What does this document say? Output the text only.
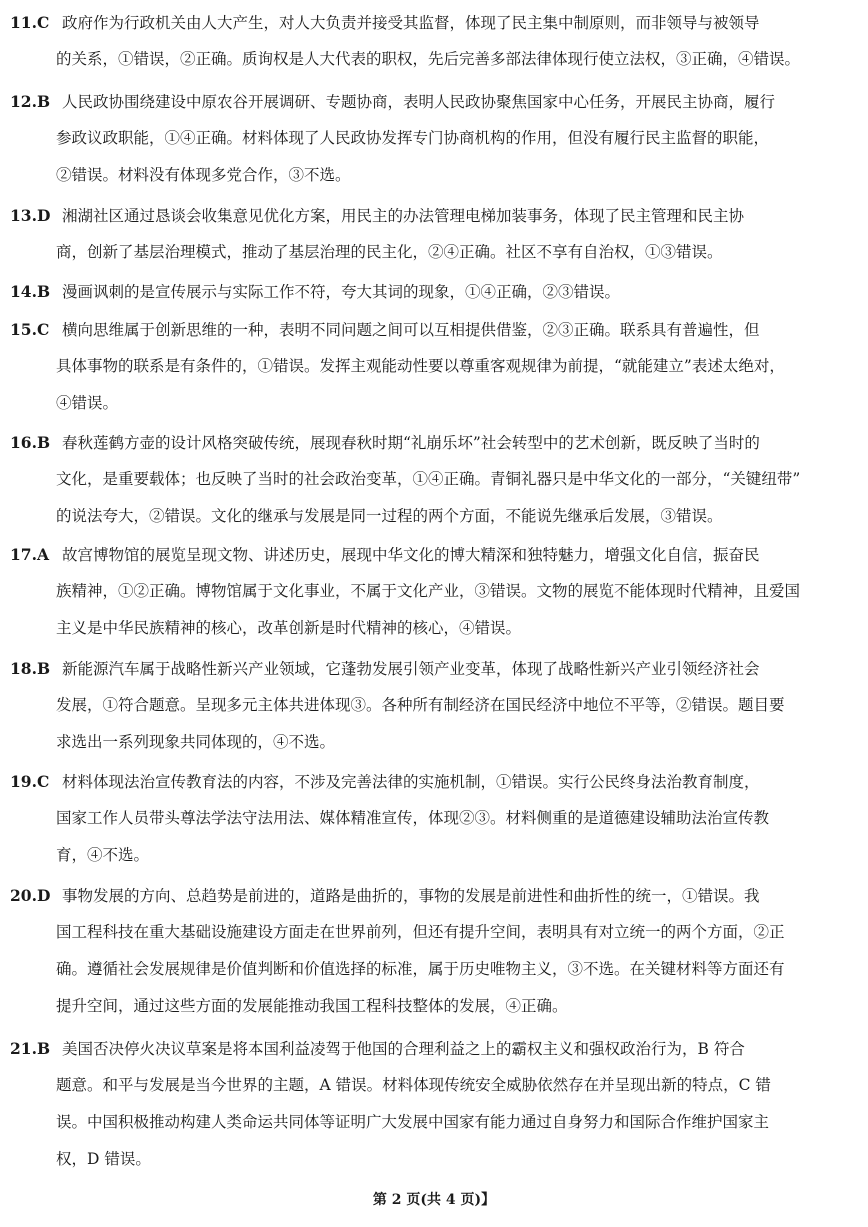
11.C 政府作为行政机关由人大产生，对人大负责并接受其监督，体现了民主集中制原则，而非领导与被领导
的关系，①错误，②正确。质询权是人大代表的职权，先后完善多部法律体现行使立法权，③正确，④错误。
12.B 人民政协围绕建设中原农谷开展调研、专题协商，表明人民政协聚焦国家中心任务，开展民主协商，履行
参政议政职能，①④正确。材料体现了人民政协发挥专门协商机构的作用，但没有履行民主监督的职能，
②错误。材料没有体现多党合作，③不选。
13.D 湘湖社区通过恳谈会收集意见优化方案，用民主的办法管理电梯加装事务，体现了民主管理和民主协
商，创新了基层治理模式，推动了基层治理的民主化，②④正确。社区不享有自治权，①③错误。
14.B 漫画讽刺的是宣传展示与实际工作不符，夸大其词的现象，①④正确，②③错误。
15.C 横向思维属于创新思维的一种，表明不同问题之间可以互相提供借鉴，②③正确。联系具有普遍性，但
具体事物的联系是有条件的，①错误。发挥主观能动性要以尊重客观规律为前提，“就能建立”表述太绝对，
④错误。
16.B 春秋莲鹤方壶的设计风格突破传统，展现春秋时期“礼崩乐坏”社会转型中的艺术创新，既反映了当时的
文化，是重要载体；也反映了当时的社会政治变革，①④正确。青铜礼器只是中华文化的一部分，“关键纽带”
的说法夸大，②错误。文化的继承与发展是同一过程的两个方面，不能说先继承后发展，③错误。
17.A 故宫博物馆的展览呈现文物、讲述历史，展现中华文化的博大精深和独特魅力，增强文化自信，振奋民
族精神，①②正确。博物馆属于文化事业，不属于文化产业，③错误。文物的展览不能体现时代精神，且爱国
主义是中华民族精神的核心，改革创新是时代精神的核心，④错误。
18.B 新能源汽车属于战略性新兴产业领域，它蓬勃发展引领产业变革，体现了战略性新兴产业引领经济社会
发展，①符合题意。呈现多元主体共进体现③。各种所有制经济在国民经济中地位不平等，②错误。题目要
求选出一系列现象共同体现的，④不选。
19.C 材料体现法治宣传教育法的内容，不涉及完善法律的实施机制，①错误。实行公民终身法治教育制度，
国家工作人员带头尊法学法守法用法、媒体精准宣传，体现②③。材料侧重的是道德建设辅助法治宣传教
育，④不选。
20.D 事物发展的方向、总趋势是前进的，道路是曲折的，事物的发展是前进性和曲折性的统一，①错误。我
国工程科技在重大基础设施建设方面走在世界前列，但还有提升空间，表明具有对立统一的两个方面，②正
确。遵循社会发展规律是价值判断和价值选择的标准，属于历史唯物主义，③不选。在关键材料等方面还有
提升空间，通过这些方面的发展能推动我国工程科技整体的发展，④正确。
21.B 美国否决停火决议草案是将本国利益凌驾于他国的合理利益之上的霸权主义和强权政治行为，B 符合
题意。和平与发展是当今世界的主题，A 错误。材料体现传统安全威胁依然存在并呈现出新的特点，C 错
误。中国积极推动构建人类命运共同体等证明广大发展中国家有能力通过自身努力和国际合作维护国家主
权，D 错误。
第 2 页(共 4 页)】
